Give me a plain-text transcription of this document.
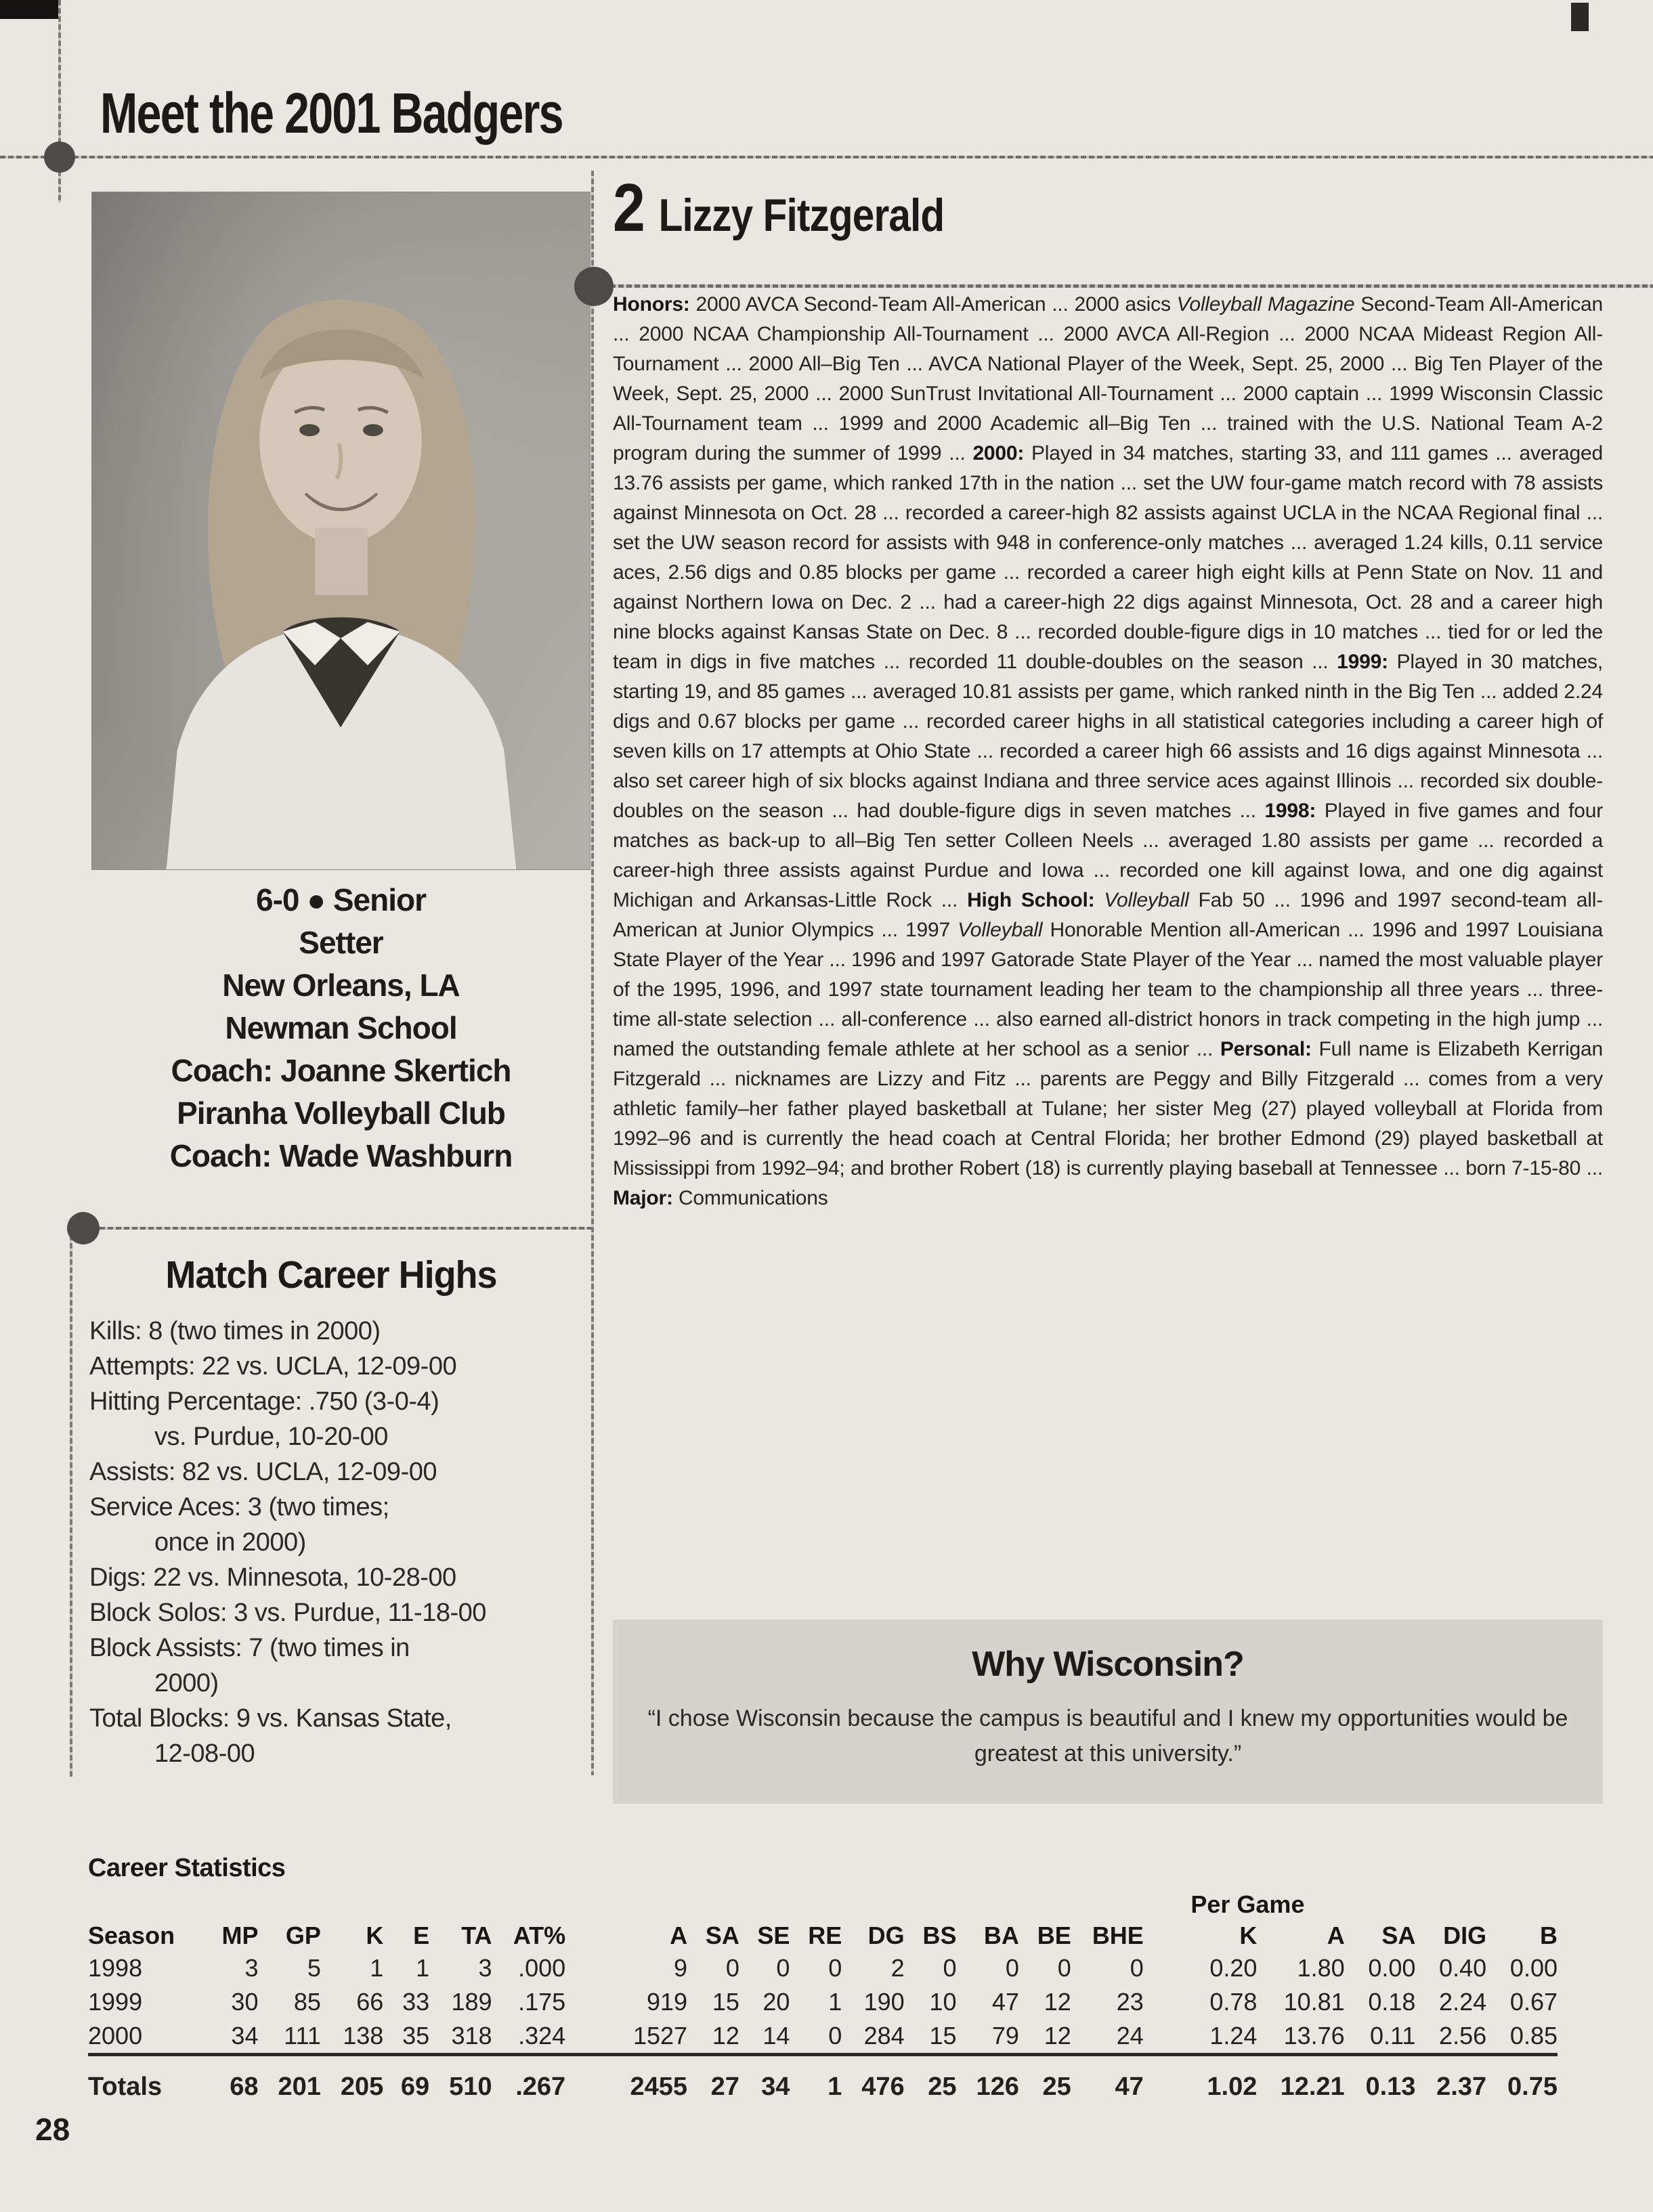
Meet the 2001 Badgers
6-0 ● Senior
Setter
New Orleans, LA
Newman School
Coach: Joanne Skertich
Piranha Volleyball Club
Coach: Wade Washburn
2 Lizzy Fitzgerald
Honors: 2000 AVCA Second-Team All-American ... 2000 asics Volleyball Magazine Second-Team All-American ... 2000 NCAA Championship All-Tournament ... 2000 AVCA All-Region ... 2000 NCAA Mideast Region All-Tournament ... 2000 All–Big Ten ... AVCA National Player of the Week, Sept. 25, 2000 ... Big Ten Player of the Week, Sept. 25, 2000 ... 2000 SunTrust Invitational All-Tournament ... 2000 captain ... 1999 Wisconsin Classic All-Tournament team ... 1999 and 2000 Academic all–Big Ten ... trained with the U.S. National Team A-2 program during the summer of 1999 ... 2000: Played in 34 matches, starting 33, and 111 games ... averaged 13.76 assists per game, which ranked 17th in the nation ... set the UW four-game match record with 78 assists against Minnesota on Oct. 28 ... recorded a career-high 82 assists against UCLA in the NCAA Regional final ... set the UW season record for assists with 948 in conference-only matches ... averaged 1.24 kills, 0.11 service aces, 2.56 digs and 0.85 blocks per game ... recorded a career high eight kills at Penn State on Nov. 11 and against Northern Iowa on Dec. 2 ... had a career-high 22 digs against Minnesota, Oct. 28 and a career high nine blocks against Kansas State on Dec. 8 ... recorded double-figure digs in 10 matches ... tied for or led the team in digs in five matches ... recorded 11 double-doubles on the season ... 1999: Played in 30 matches, starting 19, and 85 games ... averaged 10.81 assists per game, which ranked ninth in the Big Ten ... added 2.24 digs and 0.67 blocks per game ... recorded career highs in all statistical categories including a career high of seven kills on 17 attempts at Ohio State ... recorded a career high 66 assists and 16 digs against Minnesota ... also set career high of six blocks against Indiana and three service aces against Illinois ... recorded six double-doubles on the season ... had double-figure digs in seven matches ... 1998: Played in five games and four matches as back-up to all–Big Ten setter Colleen Neels ... averaged 1.80 assists per game ... recorded a career-high three assists against Purdue and Iowa ... recorded one kill against Iowa, and one dig against Michigan and Arkansas-Little Rock ... High School: Volleyball Fab 50 ... 1996 and 1997 second-team all-American at Junior Olympics ... 1997 Volleyball Honorable Mention all-American ... 1996 and 1997 Louisiana State Player of the Year ... 1996 and 1997 Gatorade State Player of the Year ... named the most valuable player of the 1995, 1996, and 1997 state tournament leading her team to the championship all three years ... three-time all-state selection ... all-conference ... also earned all-district honors in track competing in the high jump ... named the outstanding female athlete at her school as a senior ... Personal: Full name is Elizabeth Kerrigan Fitzgerald ... nicknames are Lizzy and Fitz ... parents are Peggy and Billy Fitzgerald ... comes from a very athletic family–her father played basketball at Tulane; her sister Meg (27) played volleyball at Florida from 1992–96 and is currently the head coach at Central Florida; her brother Edmond (29) played basketball at Mississippi from 1992–94; and brother Robert (18) is currently playing baseball at Tennessee ... born 7-15-80 ... Major: Communications
Match Career Highs
Kills: 8 (two times in 2000)
Attempts: 22 vs. UCLA, 12-09-00
Hitting Percentage: .750 (3-0-4)
vs. Purdue, 10-20-00
Assists: 82 vs. UCLA, 12-09-00
Service Aces: 3 (two times;
once in 2000)
Digs: 22 vs. Minnesota, 10-28-00
Block Solos: 3 vs. Purdue, 11-18-00
Block Assists: 7 (two times in
2000)
Total Blocks: 9 vs. Kansas State,
12-08-00
Why Wisconsin?
“I chose Wisconsin because the campus is beautiful and I knew my opportunities would be greatest at this university.”
Career Statistics
																Per Game				
Season	MP	GP	K	E	TA	AT%	A	SA	SE	RE	DG	BS	BA	BE	BHE	K	A	SA	DIG	B
1998	3	5	1	1	3	.000	9	0	0	0	2	0	0	0	0	0.20	1.80	0.00	0.40	0.00
1999	30	85	66	33	189	.175	919	15	20	1	190	10	47	12	23	0.78	10.81	0.18	2.24	0.67
2000	34	111	138	35	318	.324	1527	12	14	0	284	15	79	12	24	1.24	13.76	0.11	2.56	0.85
Totals	68	201	205	69	510	.267	2455	27	34	1	476	25	126	25	47	1.02	12.21	0.13	2.37	0.75
28
